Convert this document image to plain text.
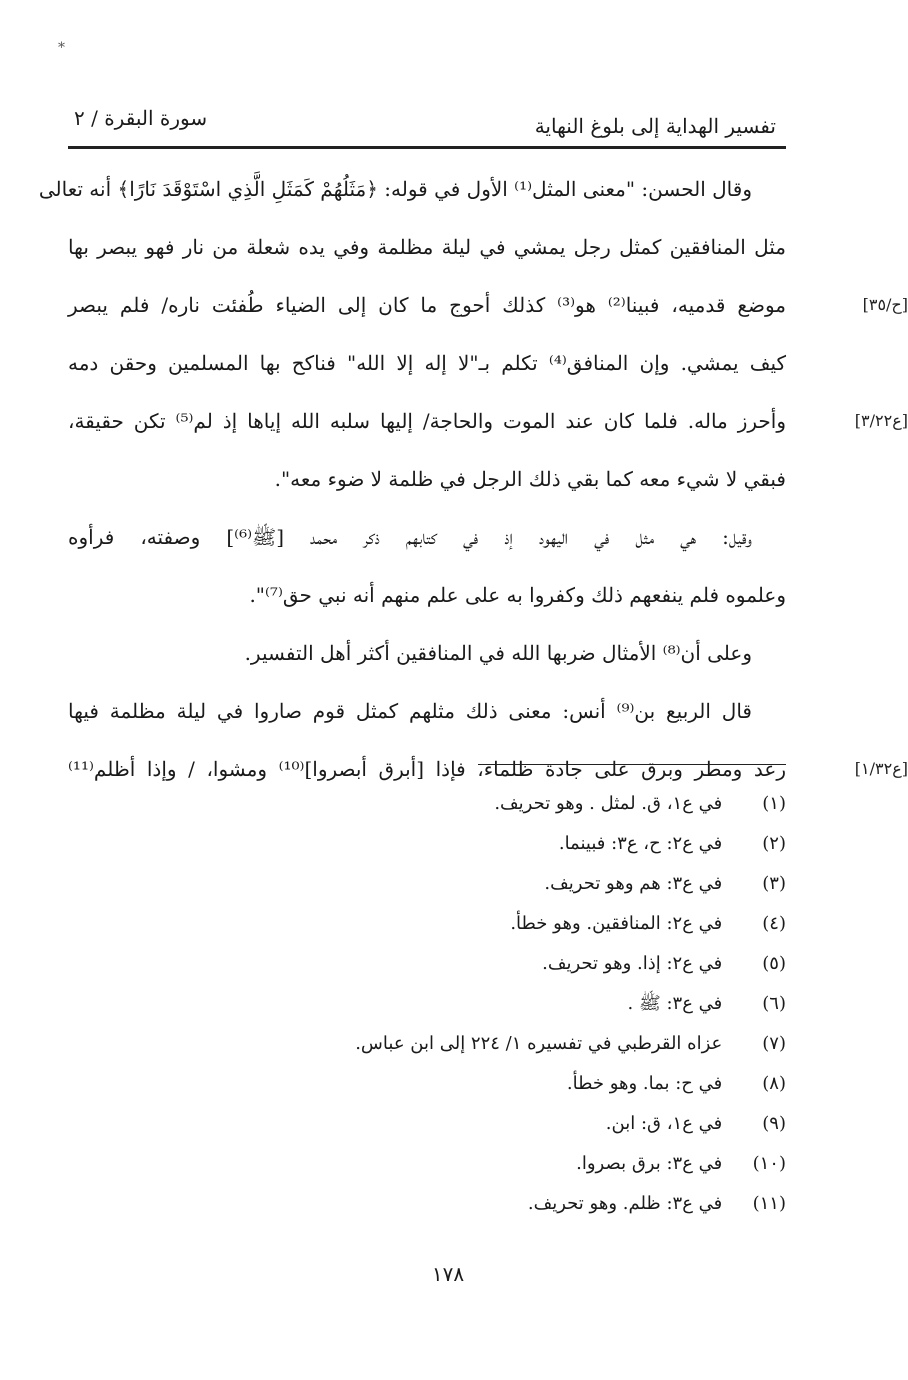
*
تفسير الهداية إلى بلوغ النهاية
سورة البقرة / ٢
وقال الحسن: "معنى المثل⁽¹⁾ الأول في قوله: ﴿مَثَلُهُمْ كَمَثَلِ الَّذِي اسْتَوْقَدَ نَارًا﴾ أنه تعالى
مثل المنافقين كمثل رجل يمشي في ليلة مظلمة وفي يده شعلة من نار فهو يبصر بها
موضع قدميه، فبينا⁽²⁾ هو⁽³⁾ كذلك أحوج ما كان إلى الضياء طُفئت ناره/ فلم يبصر	[ح/٣٥]
كيف يمشي. وإن المنافق⁽⁴⁾ تكلم بـ"لا إله إلا الله" فناكح بها المسلمين وحقن دمه
وأحرز ماله. فلما كان عند الموت والحاجة/ إليها سلبه الله إياها إذ لم⁽⁵⁾ تكن حقيقة،	[ع٣/٢٢]
فبقي لا شيء معه كما بقي ذلك الرجل في ظلمة لا ضوء معه".
وقيل: هي مثل في اليهود إذ في كتابهم ذكر محمد [ﷺ⁽⁶⁾] وصفته، فرأوه
وعلموه فلم ينفعهم ذلك وكفروا به على علم منهم أنه نبي حق⁽⁷⁾".
وعلى أن⁽⁸⁾ الأمثال ضربها الله في المنافقين أكثر أهل التفسير.
قال الربيع بن⁽⁹⁾ أنس: معنى ذلك مثلهم كمثل قوم صاروا في ليلة مظلمة فيها
رعد ومطر وبرق على جادة ظلماء، فإذا [أبرق أبصروا]⁽¹⁰⁾ ومشوا، / وإذا أظلم⁽¹¹⁾	[ع١/٣٢]
(١) في ع١، ق. لمثل . وهو تحريف.
(٢) في ع٢: ح، ع٣: فبينما.
(٣) في ع٣: هم وهو تحريف.
(٤) في ع٢: المنافقين. وهو خطأ.
(٥) في ع٢: إذا. وهو تحريف.
(٦) في ع٣: ﷺ .
(٧) عزاه القرطبي في تفسيره ١/ ٢٢٤ إلى ابن عباس.
(٨) في ح: بما. وهو خطأ.
(٩) في ع١، ق: ابن.
(١٠) في ع٣: برق بصروا.
(١١) في ع٣: ظلم. وهو تحريف.
١٧٨
